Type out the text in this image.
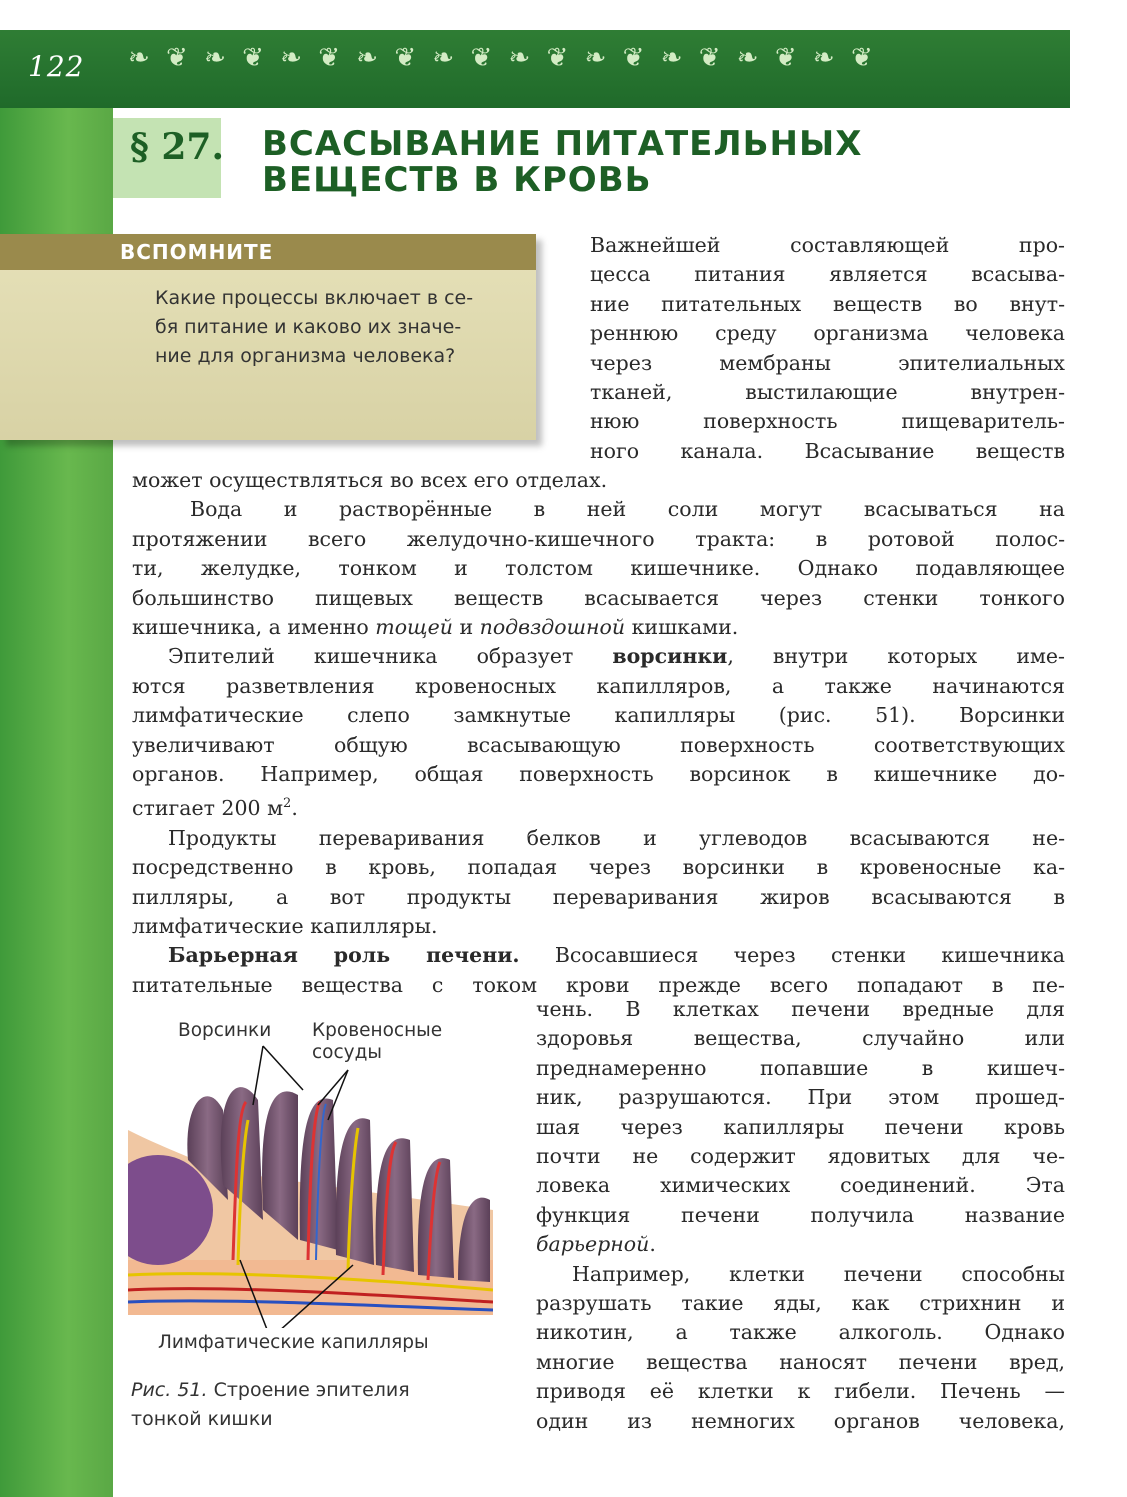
122 ❧ ❦ ❧ ❦ ❧ ❦ ❧ ❦ ❧ ❦ ❧ ❦ ❧ ❦ ❧ ❦ ❧ ❦ ❧ ❦
§ 27. ВСАСЫВАНИЕ ПИТАТЕЛЬНЫХ
ВЕЩЕСТВ В КРОВЬ
ВСПОМНИТЕ
Какие процессы включает в се-
бя питание и каково их значе-
ние для организма человека?
Важнейшей составляющей про-
цесса питания является всасыва-
ние питательных веществ во внут-
реннюю среду организма человека
через мембраны эпителиальных
тканей, выстилающие внутрен-
нюю поверхность пищеваритель-
ного канала. Всасывание веществ
может осуществляться во всех его отделах.
Вода и растворённые в ней соли могут всасываться на
протяжении всего желудочно-кишечного тракта: в ротовой полос-
ти, желудке, тонком и толстом кишечнике. Однако подавляющее
большинство пищевых веществ всасывается через стенки тонкого
кишечника, а именно тощей и подвздошной кишками.
Эпителий кишечника образует ворсинки, внутри которых име-
ются разветвления кровеносных капилляров, а также начинаются
лимфатические слепо замкнутые капилляры (рис. 51). Ворсинки
увеличивают общую всасывающую поверхность соответствующих
органов. Например, общая поверхность ворсинок в кишечнике до-
стигает 200 $м^2$.
Продукты переваривания белков и углеводов всасываются не-
посредственно в кровь, попадая через ворсинки в кровеносные ка-
пилляры, а вот продукты переваривания жиров всасываются в
лимфатические капилляры.
Барьерная роль печени. Всосавшиеся через стенки кишечника
питательные вещества с током крови прежде всего попадают в пе-
чень. В клетках печени вредные для
здоровья вещества, случайно или
преднамеренно попавшие в кишеч-
ник, разрушаются. При этом прошед-
шая через капилляры печени кровь
почти не содержит ядовитых для че-
ловека химических соединений. Эта
функция печени получила название
барьерной.
Например, клетки печени способны
разрушать такие яды, как стрихнин и
никотин, а также алкоголь. Однако
многие вещества наносят печени вред,
приводя её клетки к гибели. Печень —
один из немногих органов человека,
Ворсинки Кровеносные
сосуды
Лимфатические капилляры
Рис. 51. Строение эпителия
тонкой кишки
